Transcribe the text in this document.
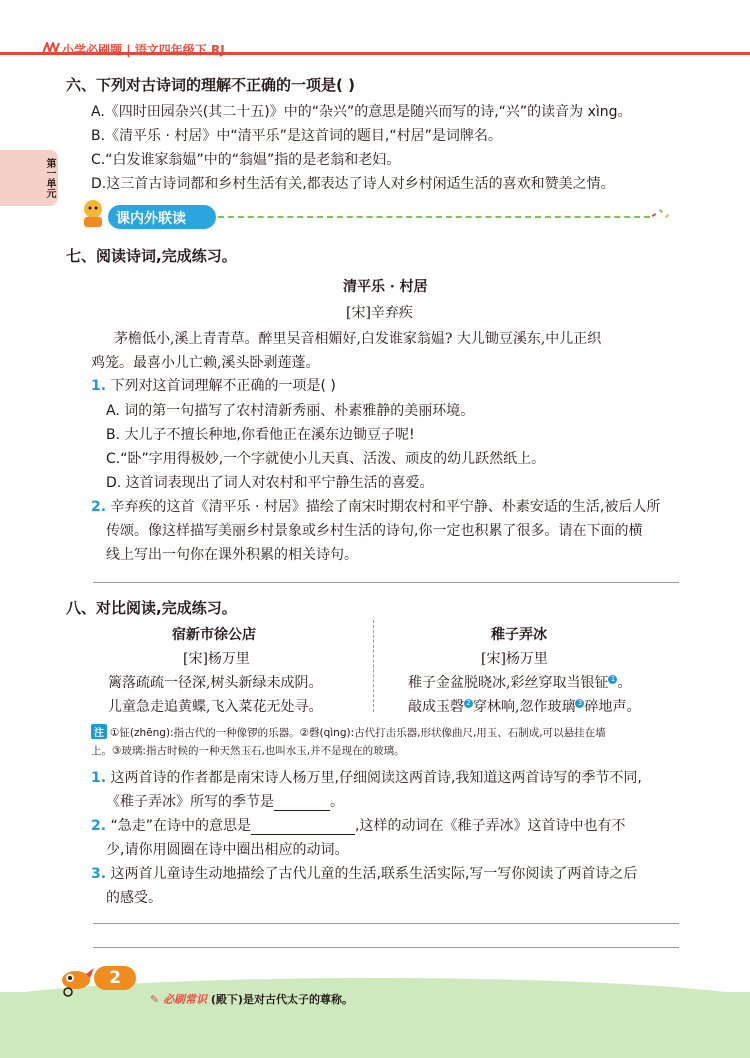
小学必刷题 | 语文四年级下 RJ
第一单元
六、下列对古诗词的理解不正确的一项是( )
A.《四时田园杂兴(其二十五)》中的“杂兴”的意思是随兴而写的诗,“兴”的读音为 xìng。
B.《清平乐 · 村居》中“清平乐”是这首词的题目,“村居”是词牌名。
C.“白发谁家翁媪”中的“翁媪”指的是老翁和老妇。
D.这三首古诗词都和乡村生活有关,都表达了诗人对乡村闲适生活的喜欢和赞美之情。
课内外联读
七、阅读诗词,完成练习。
清平乐 · 村居
[宋]辛弃疾
茅檐低小,溪上青青草。醉里吴音相媚好,白发谁家翁媪? 大儿锄豆溪东,中儿正织
鸡笼。最喜小儿亡赖,溪头卧剥莲蓬。
1. 下列对这首词理解不正确的一项是( )
A. 词的第一句描写了农村清新秀丽、朴素雅静的美丽环境。
B. 大儿子不擅长种地,你看他正在溪东边锄豆子呢!
C.“卧”字用得极妙,一个字就使小儿天真、活泼、顽皮的幼儿跃然纸上。
D. 这首词表现出了词人对农村和平宁静生活的喜爱。
2. 辛弃疾的这首《清平乐 · 村居》描绘了南宋时期农村和平宁静、朴素安适的生活,被后人所
传颂。像这样描写美丽乡村景象或乡村生活的诗句,你一定也积累了很多。请在下面的横
线上写出一句你在课外积累的相关诗句。
八、对比阅读,完成练习。
宿新市徐公店
[宋]杨万里
篱落疏疏一径深,树头新绿未成阴。
儿童急走追黄蝶,飞入菜花无处寻。
稚子弄冰
[宋]杨万里
稚子金盆脱晓冰,彩丝穿取当银钲 1 。
敲成玉磬 2 穿林响,忽作玻璃 3 碎地声。
注 ①钲(zhēng):指古代的一种像锣的乐器。②磬(qìng):古代打击乐器,形状像曲尺,用玉、石制成,可以悬挂在墙
上。③玻璃:指古时候的一种天然玉石,也叫水玉,并不是现在的玻璃。
1. 这两首诗的作者都是南宋诗人杨万里,仔细阅读这两首诗,我知道这两首诗写的季节不同,
《稚子弄冰》所写的季节是	。
2. “急走”在诗中的意思是	,这样的动词在《稚子弄冰》这首诗中也有不
少,请你用圆圈在诗中圈出相应的动词。
3. 这两首儿童诗生动地描绘了古代儿童的生活,联系生活实际,写一写你阅读了两首诗之后
的感受。
2
✎ 必刷常识 (殿下)是对古代太子的尊称。
